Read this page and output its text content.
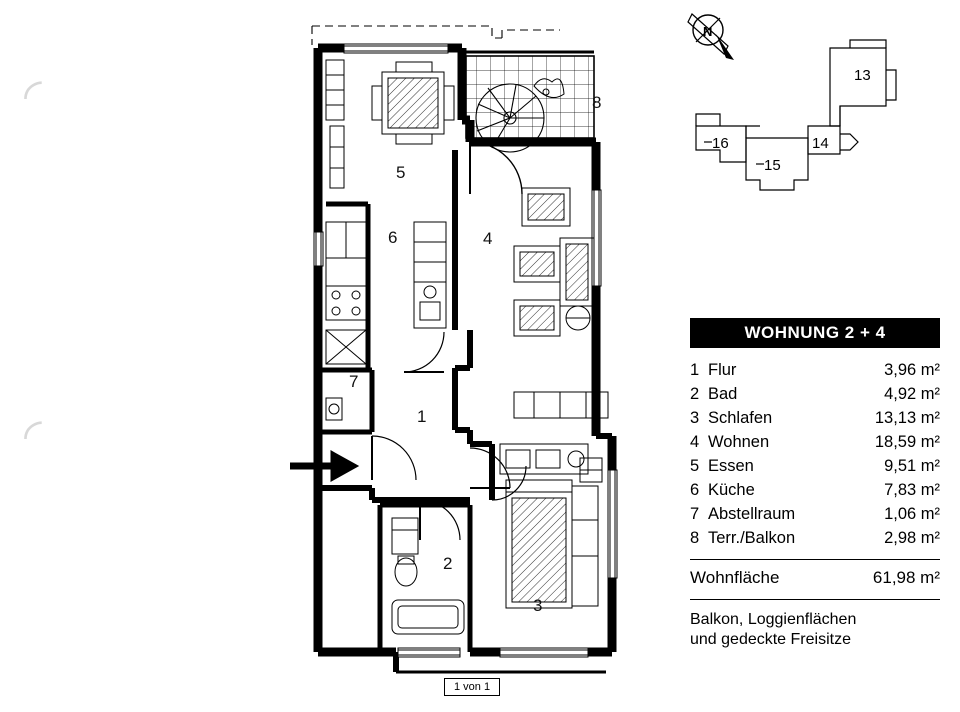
◜
◜
8
5
6	4
7
1
2
3
N
13
14
15
16
WOHNUNG 2 + 4
1	Flur	3,96 m²
2	Bad	4,92 m²
3	Schlafen	13,13 m²
4	Wohnen	18,59 m²
5	Essen	9,51 m²
6	Küche	7,83 m²
7	Abstellraum	1,06 m²
8	Terr./Balkon	2,98 m²
Wohnfläche	61,98 m²
Balkon, Loggienflächen
und gedeckte Freisitze
1 von 1
